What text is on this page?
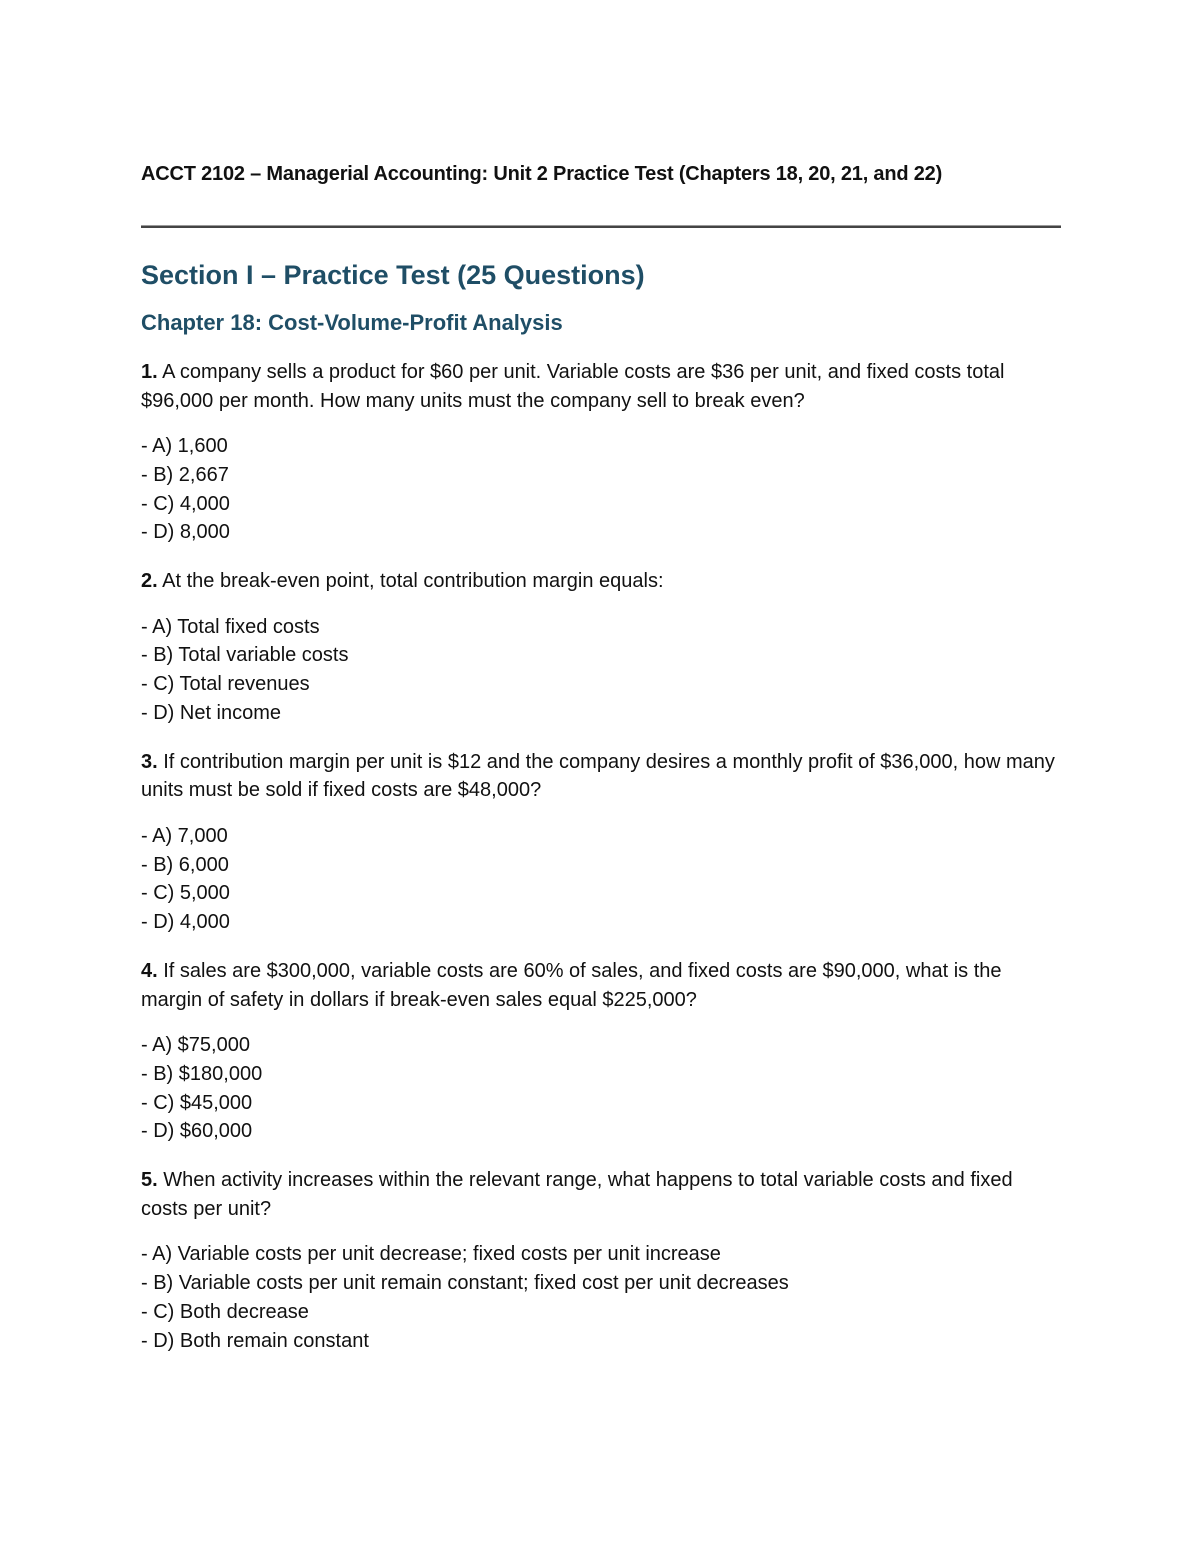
ACCT 2102 – Managerial Accounting: Unit 2 Practice Test (Chapters 18, 20, 21, and 22)
Section I – Practice Test (25 Questions)
Chapter 18: Cost-Volume-Profit Analysis

1. A company sells a product for $60 per unit. Variable costs are $36 per unit, and fixed costs total $96,000 per month. How many units must the company sell to break even?

- A) 1,600
- B) 2,667
- C) 4,000
- D) 8,000

2. At the break-even point, total contribution margin equals:

- A) Total fixed costs
- B) Total variable costs
- C) Total revenues
- D) Net income

3. If contribution margin per unit is $12 and the company desires a monthly profit of $36,000, how many units must be sold if fixed costs are $48,000?

- A) 7,000
- B) 6,000
- C) 5,000
- D) 4,000

4. If sales are $300,000, variable costs are 60% of sales, and fixed costs are $90,000, what is the margin of safety in dollars if break-even sales equal $225,000?

- A) $75,000
- B) $180,000
- C) $45,000
- D) $60,000

5. When activity increases within the relevant range, what happens to total variable costs and fixed costs per unit?

- A) Variable costs per unit decrease; fixed costs per unit increase
- B) Variable costs per unit remain constant; fixed cost per unit decreases
- C) Both decrease
- D) Both remain constant
